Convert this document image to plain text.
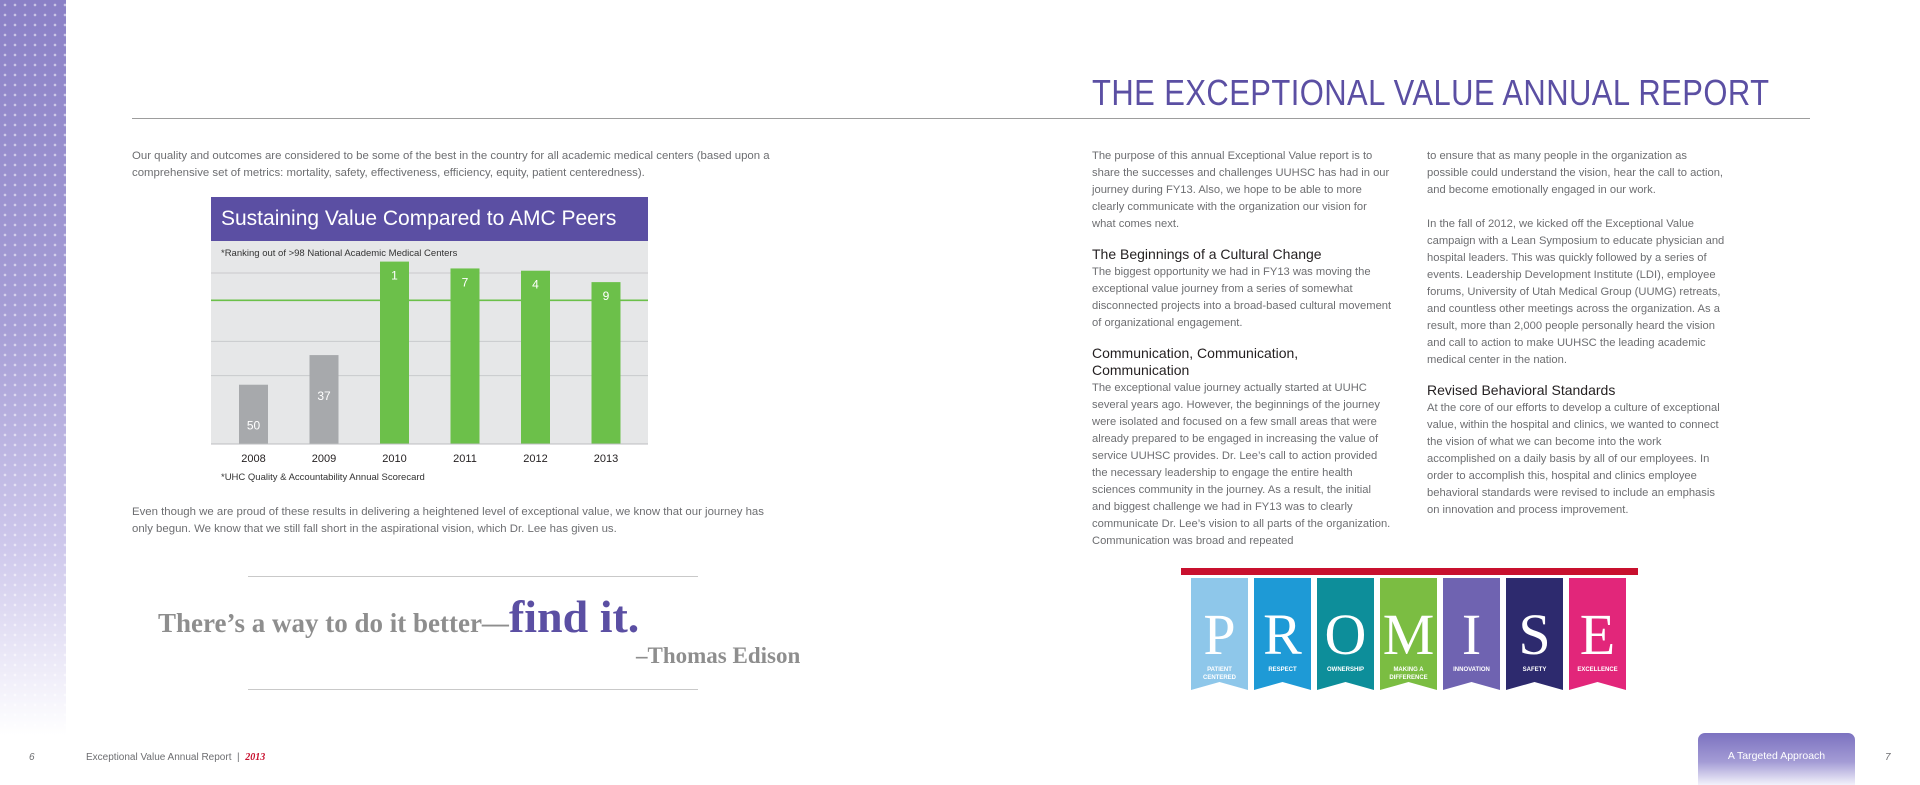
THE EXCEPTIONAL VALUE ANNUAL REPORT

Our quality and outcomes are considered to be some of the best in the country for all academic medical centers (based upon a comprehensive set of metrics: mortality, safety, effectiveness, efficiency, equity, patient centeredness).

Sustaining Value Compared to AMC Peers
*Ranking out of >98 National Academic Medical Centers
50
2008
37
2009
1
2010
7
2011
4
2012
9
2013
*UHC Quality & Accountability Annual Scorecard

Even though we are proud of these results in delivering a heightened level of exceptional value, we know that our journey has only begun. We know that we still fall short in the aspirational vision, which Dr. Lee has given us.

There’s a way to do it better—find it.
–Thomas Edison

The purpose of this annual Exceptional Value report is to share the successes and challenges UUHSC has had in our journey during FY13. Also, we hope to be able to more clearly communicate with the organization our vision for what comes next.

The Beginnings of a Cultural Change

The biggest opportunity we had in FY13 was moving the exceptional value journey from a series of somewhat disconnected projects into a broad-based cultural movement of organizational engagement.

Communication, Communication, Communication

The exceptional value journey actually started at UUHC several years ago. However, the beginnings of the journey were isolated and focused on a few small areas that were already prepared to be engaged in increasing the value of service UUHSC provides. Dr. Lee’s call to action provided the necessary leadership to engage the entire health sciences community in the journey. As a result, the initial and biggest challenge we had in FY13 was to clearly communicate Dr. Lee’s vision to all parts of the organization. Communication was broad and repeated

to ensure that as many people in the organization as possible could understand the vision, hear the call to action, and become emotionally engaged in our work.

In the fall of 2012, we kicked off the Exceptional Value campaign with a Lean Symposium to educate physician and hospital leaders. This was quickly followed by a series of events. Leadership Development Institute (LDI), employee forums, University of Utah Medical Group (UUMG) retreats, and countless other meetings across the organization. As a result, more than 2,000 people personally heard the vision and call to action to make UUHSC the leading academic medical center in the nation.

Revised Behavioral Standards

At the core of our efforts to develop a culture of exceptional value, within the hospital and clinics, we wanted to connect the vision of what we can become into the work accomplished on a daily basis by all of our employees. In order to accomplish this, hospital and clinics employee behavioral standards were revised to include an emphasis on innovation and process improvement.

P
PATIENT
CENTERED
R
RESPECT
O
OWNERSHIP
M
MAKING A
DIFFERENCE
I
INNOVATION
S
SAFETY
E
EXCELLENCE
6	Exceptional Value Annual Report | 2013	7
A Targeted Approach
